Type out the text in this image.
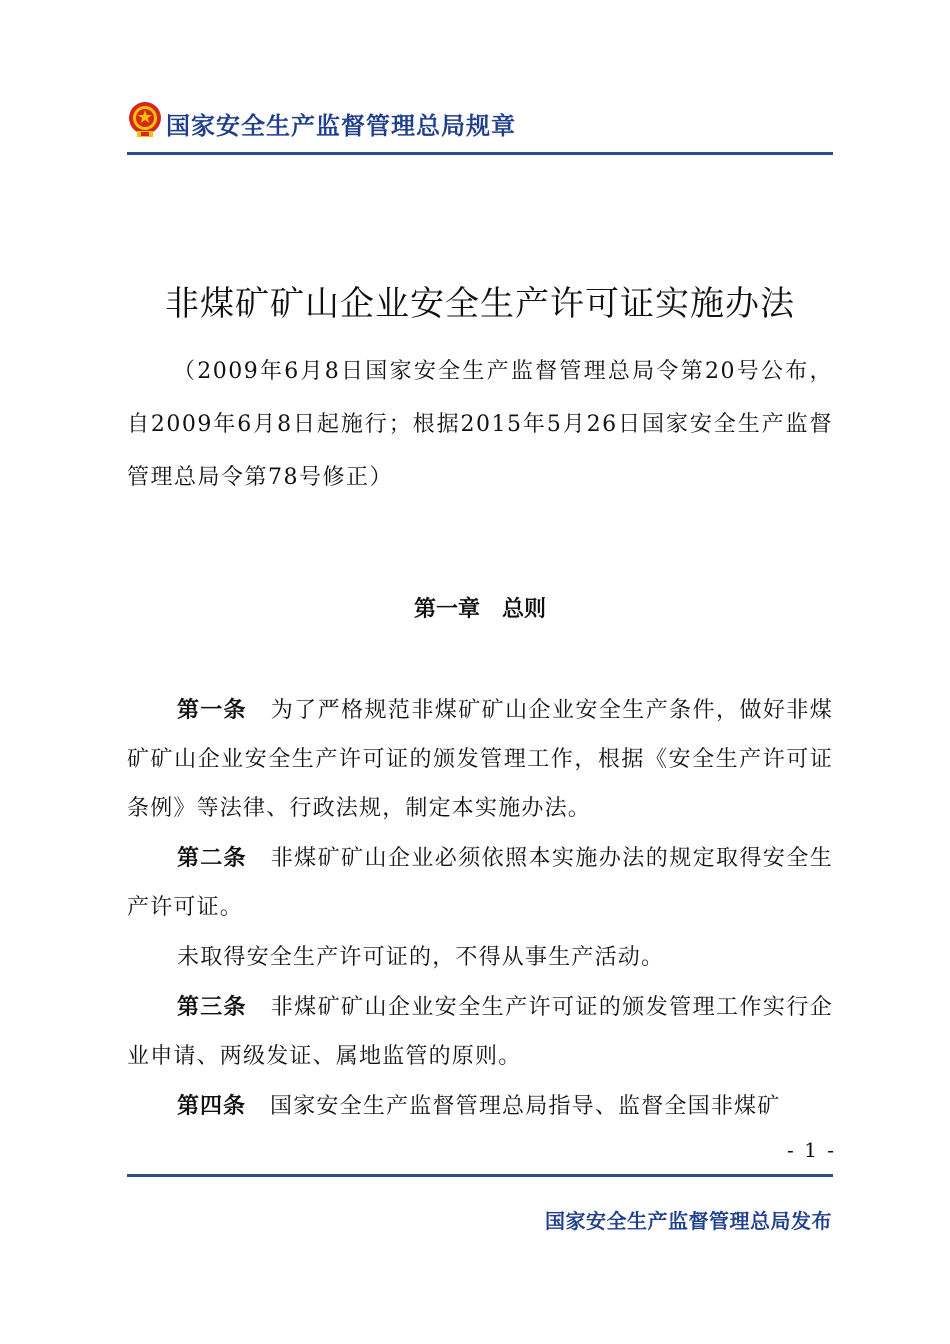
国家安全生产监督管理总局规章
非煤矿矿山企业安全生产许可证实施办法
（2009年6月8日国家安全生产监督管理总局令第20号公布，自2009年6月8日起施行；根据2015年5月26日国家安全生产监督管理总局令第78号修正）
第一章　总则

第一条 为了严格规范非煤矿矿山企业安全生产条件，做好非煤矿矿山企业安全生产许可证的颁发管理工作，根据《安全生产许可证条例》等法律、行政法规，制定本实施办法。

第二条 非煤矿矿山企业必须依照本实施办法的规定取得安全生产许可证。

未取得安全生产许可证的，不得从事生产活动。

第三条 非煤矿矿山企业安全生产许可证的颁发管理工作实行企业申请、两级发证、属地监管的原则。

第四条 国家安全生产监督管理总局指导、监督全国非煤矿

- 1 -
国家安全生产监督管理总局发布
